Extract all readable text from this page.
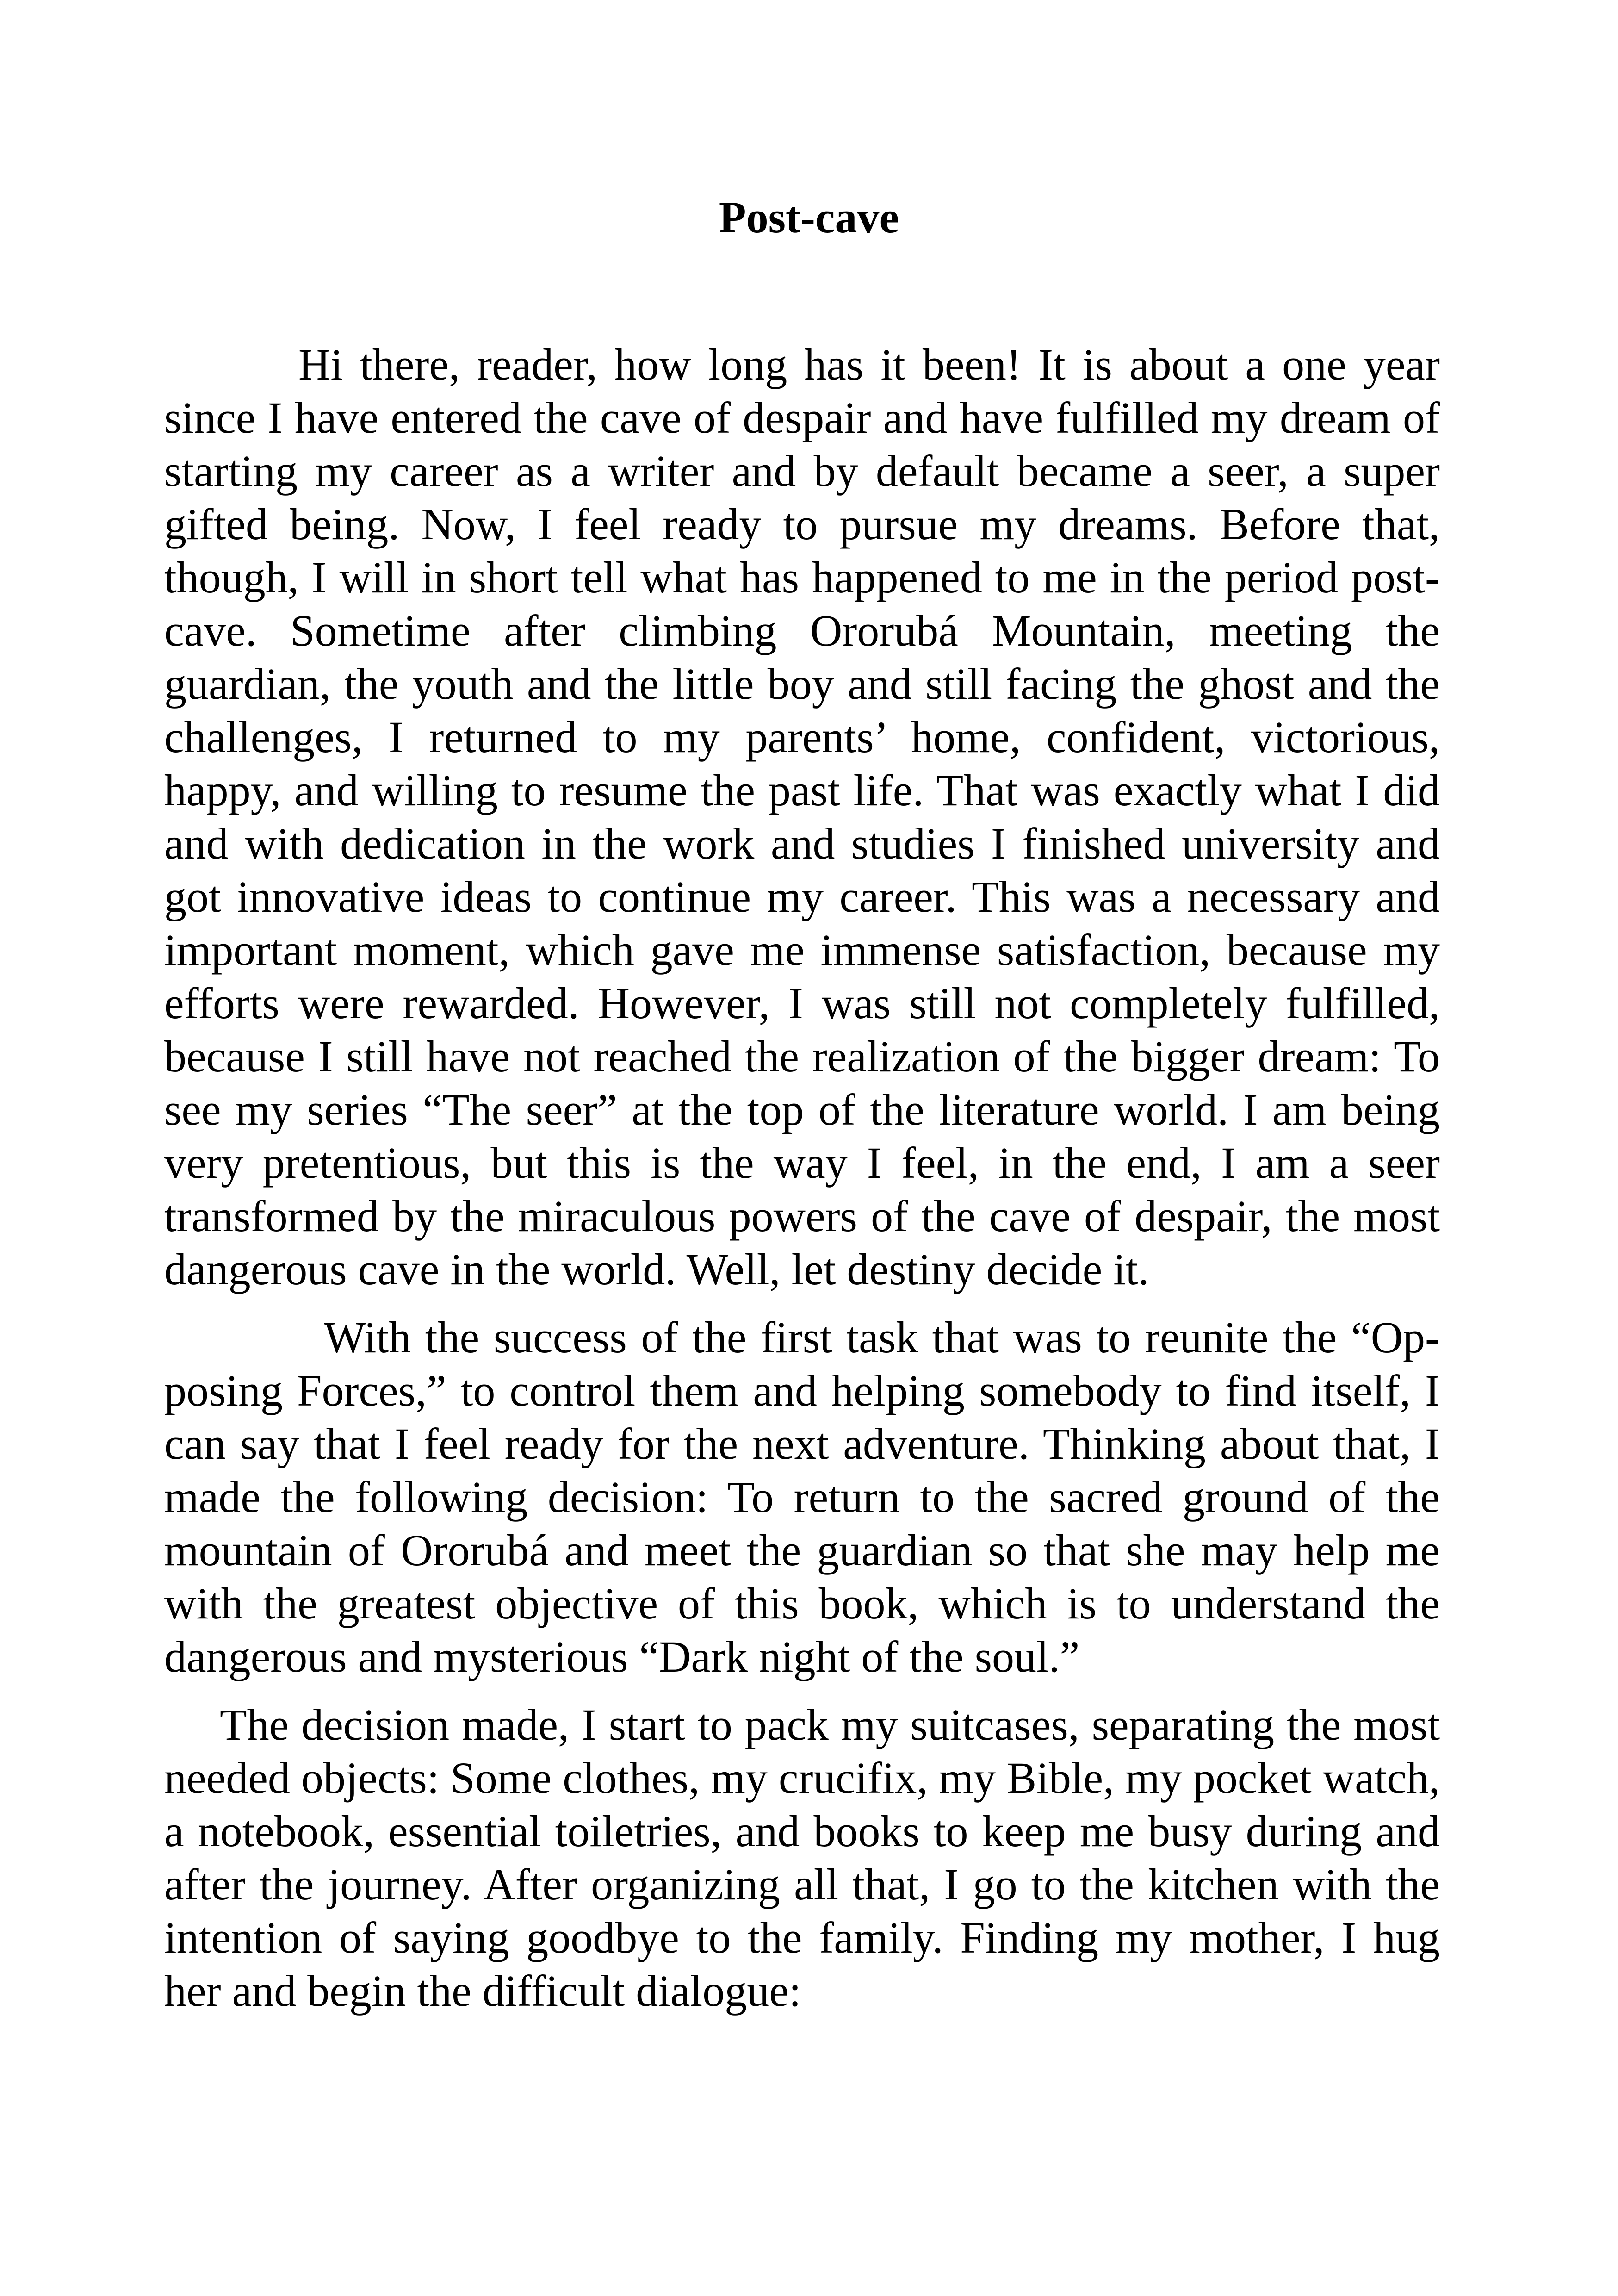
Post-cave

Hi there, reader, how long has it been! It is about a one year since I have entered the cave of despair and have fulfilled my dream of starting my career as a writer and by default became a seer, a super gifted being. Now, I feel ready to pursue my dreams. Before that, though, I will in short tell what has happened to me in the period post-cave. Sometime after climbing Ororubá Mountain, meeting the guardian, the youth and the little boy and still facing the ghost and the challenges, I returned to my parents’ home, confident, victorious, happy, and willing to resume the past life. That was exactly what I did and with dedication in the work and studies I finished university and got innovative ideas to continue my career. This was a necessary and important moment, which gave me immense satisfaction, because my efforts were rewarded. However, I was still not completely fulfilled, because I still have not reached the realization of the bigger dream: To see my series “The seer” at the top of the literature world. I am being very pretentious, but this is the way I feel, in the end, I am a seer transformed by the miraculous powers of the cave of despair, the most dangerous cave in the world. Well, let destiny decide it.

With the success of the first task that was to reunite the “Opposing Forces,” to control them and helping somebody to find itself, I can say that I feel ready for the next adventure. Thinking about that, I made the following decision: To return to the sacred ground of the mountain of Ororubá and meet the guardian so that she may help me with the greatest objective of this book, which is to understand the dangerous and mysterious “Dark night of the soul.”

The decision made, I start to pack my suitcases, separating the most needed objects: Some clothes, my crucifix, my Bible, my pocket watch, a notebook, essential toiletries, and books to keep me busy during and after the journey. After organizing all that, I go to the kitchen with the intention of saying goodbye to the family. Finding my mother, I hug her and begin the difficult dialogue:
